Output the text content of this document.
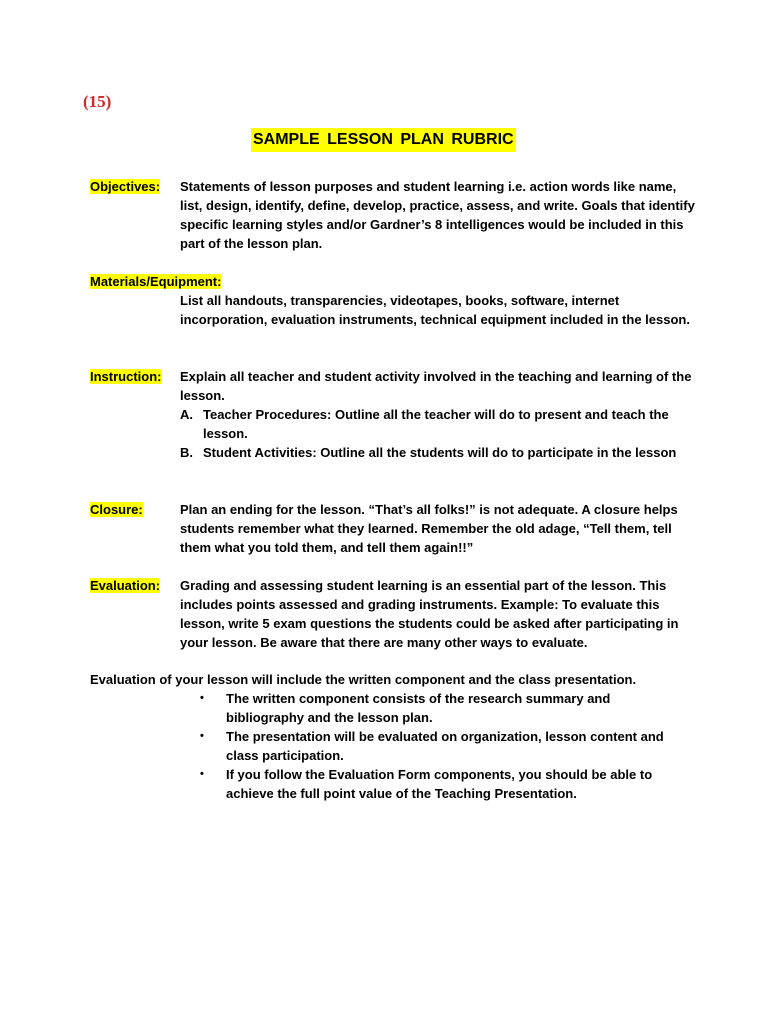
(15)
SAMPLE LESSON PLAN RUBRIC
Objectives: Statements of lesson purposes and student learning i.e. action words like name, list, design, identify, define, develop, practice, assess, and write. Goals that identify specific learning styles and/or Gardner’s 8 intelligences would be included in this part of the lesson plan.

Materials/Equipment:

List all handouts, transparencies, videotapes, books, software, internet incorporation, evaluation instruments, technical equipment included in the lesson.

Instruction: Explain all teacher and student activity involved in the teaching and learning of the lesson.

A. Teacher Procedures: Outline all the teacher will do to present and teach the lesson.
B. Student Activities: Outline all the students will do to participate in the lesson
Closure:	Plan an ending for the lesson. “That’s all folks!” is not adequate. A closure helps students remember what they learned. Remember the old adage, “Tell them, tell them what you told them, and tell them again!!”

Evaluation: Grading and assessing student learning is an essential part of the lesson. This includes points assessed and grading instruments. Example: To evaluate this lesson, write 5 exam questions the students could be asked after participating in your lesson. Be aware that there are many other ways to evaluate.

Evaluation of your lesson will include the written component and the class presentation.
•	The written component consists of the research summary and bibliography and the lesson plan.
•	The presentation will be evaluated on organization, lesson content and class participation.
•	If you follow the Evaluation Form components, you should be able to achieve the full point value of the Teaching Presentation.
